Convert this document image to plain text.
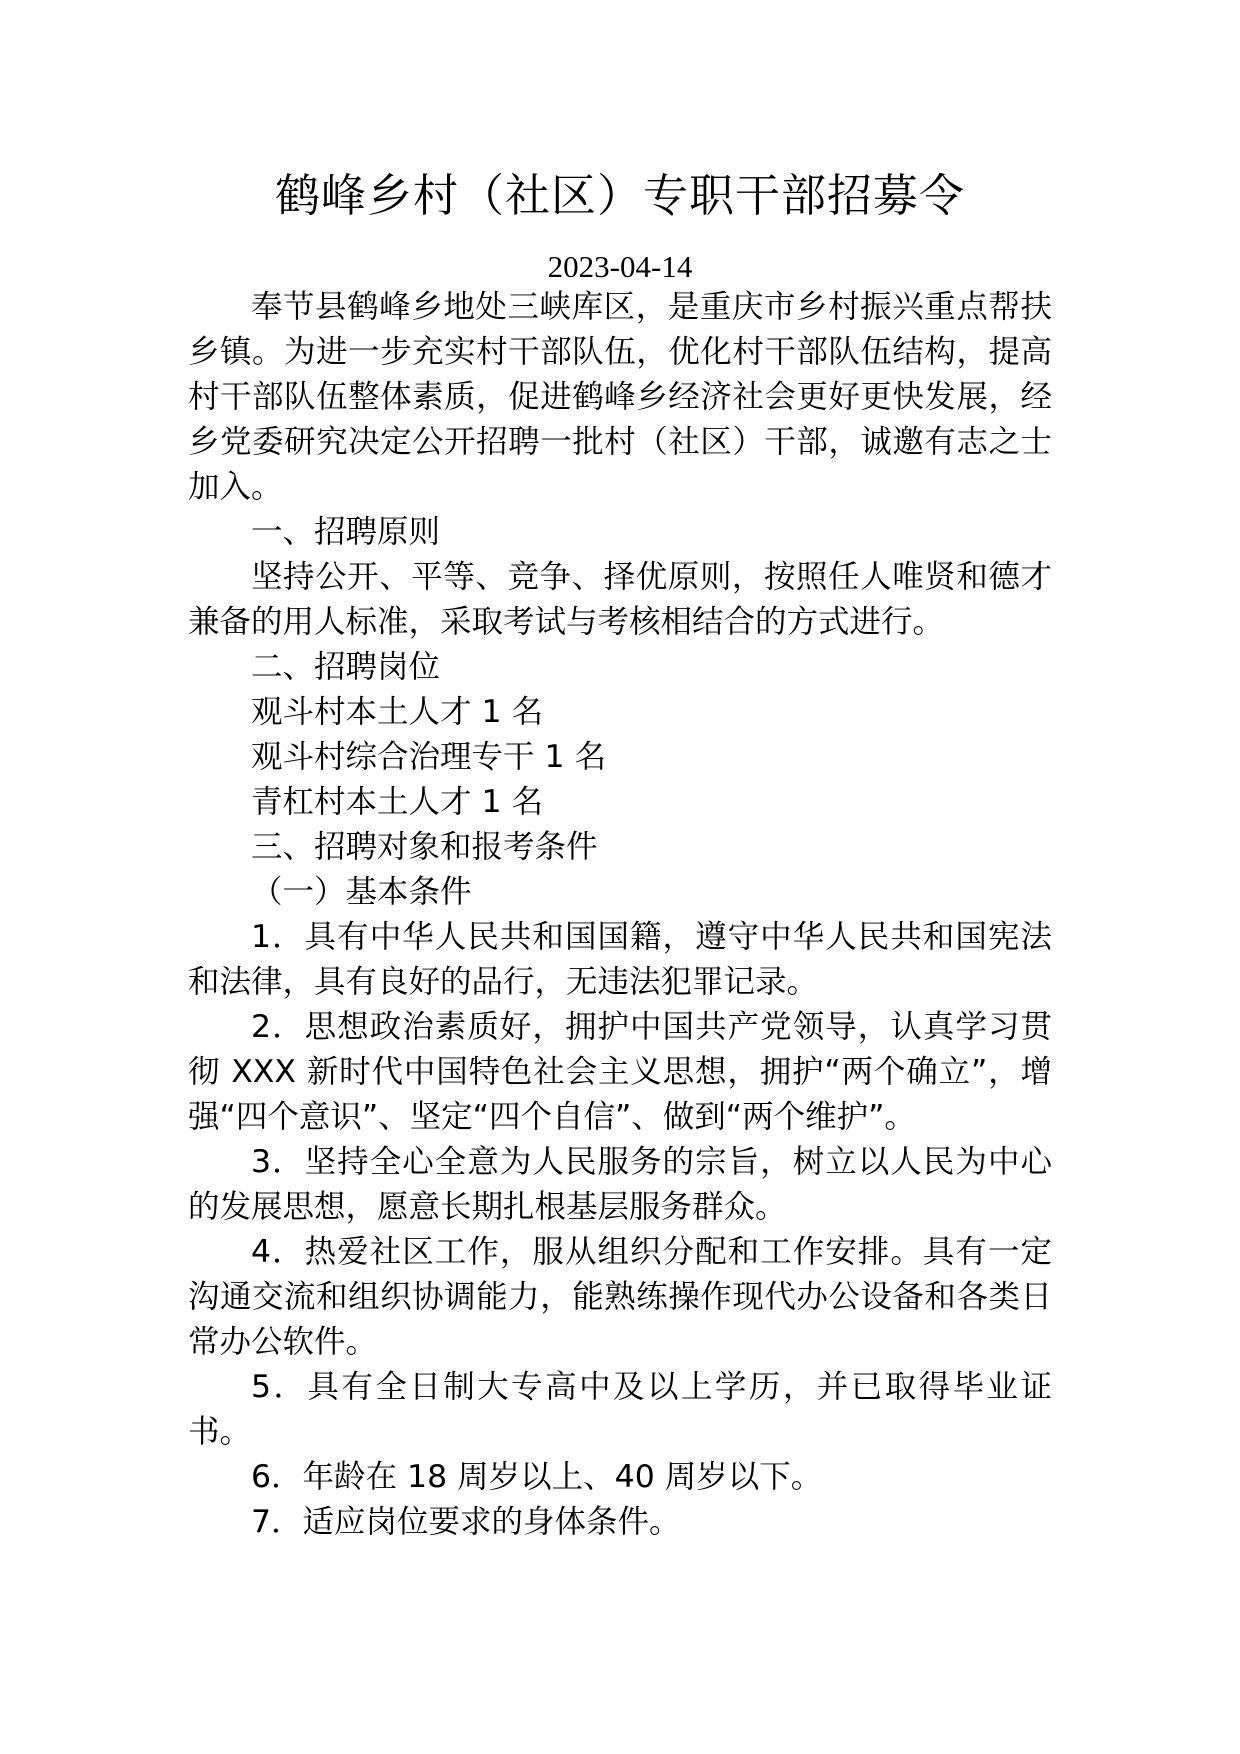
鹤峰乡村（社区）专职干部招募令
2023-04-14

奉节县鹤峰乡地处三峡库区，是重庆市乡村振兴重点帮扶乡镇。为进一步充实村干部队伍，优化村干部队伍结构，提高村干部队伍整体素质，促进鹤峰乡经济社会更好更快发展，经乡党委研究决定公开招聘一批村（社区）干部，诚邀有志之士加入。

一、招聘原则

坚持公开、平等、竞争、择优原则，按照任人唯贤和德才兼备的用人标准，采取考试与考核相结合的方式进行。

二、招聘岗位

观斗村本土人才 1 名

观斗村综合治理专干 1 名

青杠村本土人才 1 名

三、招聘对象和报考条件

（一）基本条件

1．具有中华人民共和国国籍，遵守中华人民共和国宪法和法律，具有良好的品行，无违法犯罪记录。

2．思想政治素质好，拥护中国共产党领导，认真学习贯彻 XXX 新时代中国特色社会主义思想，拥护“两个确立”，增强“四个意识”、坚定“四个自信”、做到“两个维护”。

3．坚持全心全意为人民服务的宗旨，树立以人民为中心的发展思想，愿意长期扎根基层服务群众。

4．热爱社区工作，服从组织分配和工作安排。具有一定沟通交流和组织协调能力，能熟练操作现代办公设备和各类日常办公软件。

5．具有全日制大专高中及以上学历，并已取得毕业证书。

6．年龄在 18 周岁以上、40 周岁以下。

7．适应岗位要求的身体条件。
